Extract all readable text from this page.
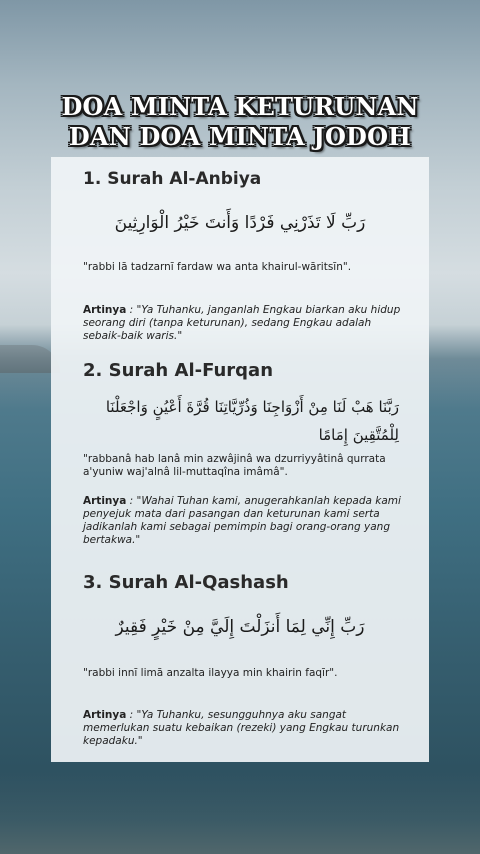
DOA MINTA KETURUNAN
DAN DOA MINTA JODOH
1. Surah Al-Anbiya
رَبِّ لَا تَذَرْنِي فَرْدًا وَأَنتَ خَيْرُ الْوَارِثِينَ
"rabbi lā tadzarnī fardaw wa anta khairul-wāritsīn".
Artinya : "Ya Tuhanku, janganlah Engkau biarkan aku hidup seorang diri (tanpa keturunan), sedang Engkau adalah sebaik-baik waris."
2. Surah Al-Furqan
رَبَّنَا هَبْ لَنَا مِنْ أَزْوَاجِنَا وَذُرِّيَّاتِنَا قُرَّةَ أَعْيُنٍ وَاجْعَلْنَا لِلْمُتَّقِينَ إِمَامًا
"rabbanâ hab lanâ min azwâjinâ wa dzurriyyâtinâ qurrata a'yuniw waj'alnâ lil-muttaqîna imâmâ".
Artinya : "Wahai Tuhan kami, anugerahkanlah kepada kami penyejuk mata dari pasangan dan keturunan kami serta jadikanlah kami sebagai pemimpin bagi orang-orang yang bertakwa."
3. Surah Al-Qashash
رَبِّ إِنِّي لِمَا أَنزَلْتَ إِلَيَّ مِنْ خَيْرٍ فَقِيرٌ
"rabbi innī limā anzalta ilayya min khairin faqīr".
Artinya : "Ya Tuhanku, sesungguhnya aku sangat memerlukan suatu kebaikan (rezeki) yang Engkau turunkan kepadaku."
